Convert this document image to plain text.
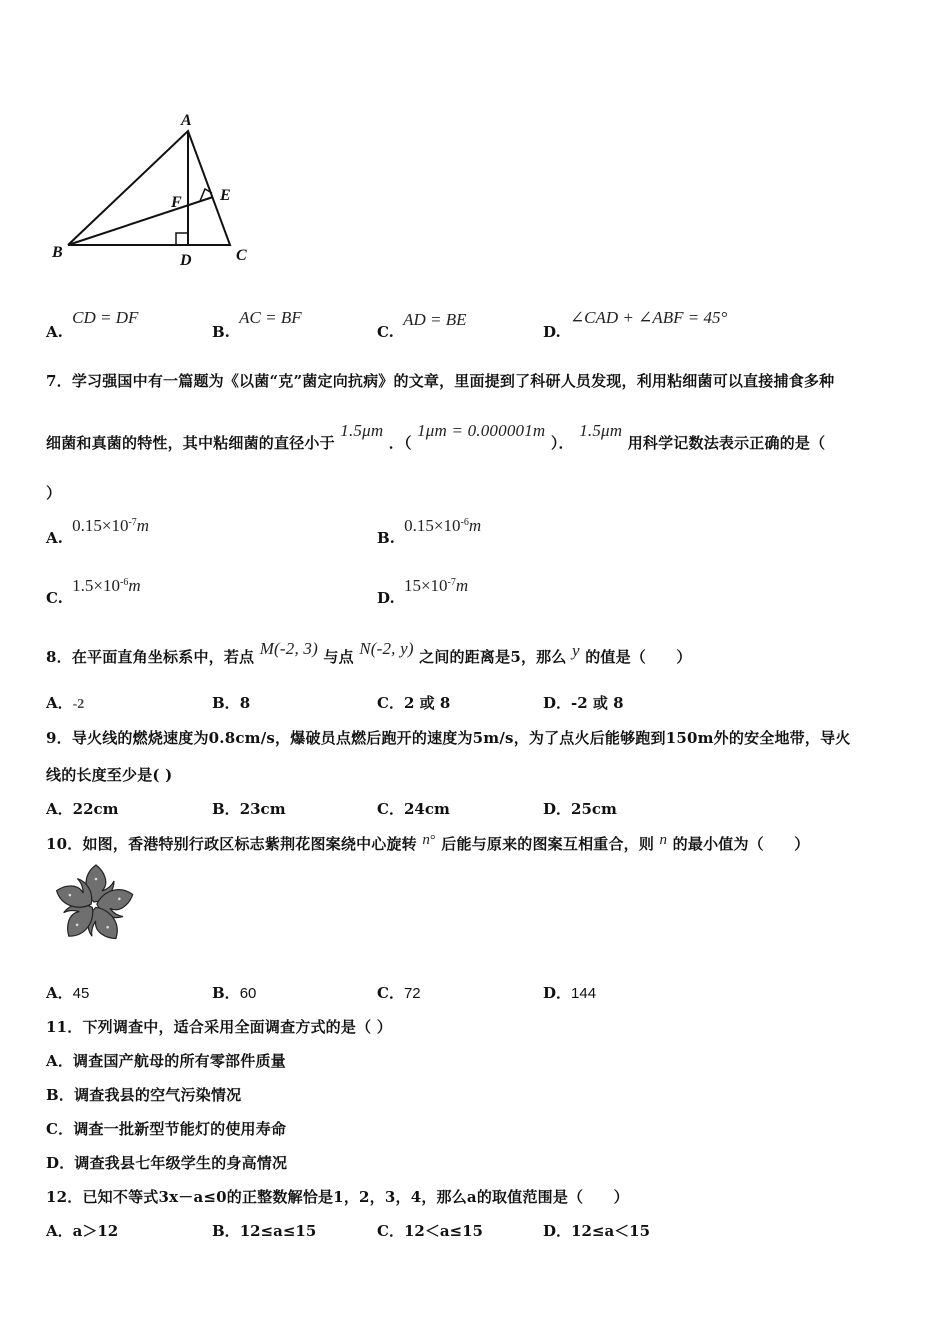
A
B	C
D
E
F
A. CD = DF
B. AC = BF
C. AD = BE
D. ∠CAD + ∠ABF = 45°
7．学习强国中有一篇题为《以菌“克”菌定向抗病》的文章，里面提到了科研人员发现，利用粘细菌可以直接捕食多种
细菌和真菌的特性，其中粘细菌的直径小于 1.5μm ．（ 1μm = 0.000001m ）． 1.5μm 用科学记数法表示正确的是（
）
A. $0.15\times 10^{-7}m$
B. $0.15\times 10^{-6}m$
C. $1.5\times 10^{-6}m$
D. $15\times 10^{-7}m$
8．在平面直角坐标系中，若点 M(-2, 3) 与点 N(-2, y) 之间的距离是5，那么 y 的值是（　　）
A．-2	B．8	C．2 或 8	D．-2 或 8
9．导火线的燃烧速度为0.8cm/s，爆破员点燃后跑开的速度为5m/s，为了点火后能够跑到150m外的安全地带，导火
线的长度至少是( )
A．22cm	B．23cm	C．24cm	D．25cm
10．如图，香港特别行政区标志紫荆花图案绕中心旋转 n° 后能与原来的图案互相重合，则 n 的最小值为（　　）
A．45	B．60	C．72	D．144
11．下列调查中，适合采用全面调查方式的是（ ）
A．调查国产航母的所有零部件质量
B．调查我县的空气污染情况
C．调查一批新型节能灯的使用寿命
D．调查我县七年级学生的身高情况
12．已知不等式3x－a≤0的正整数解恰是1，2，3，4，那么a的取值范围是（　　）
A．a＞12	B．12≤a≤15	C．12＜a≤15	D．12≤a＜15
